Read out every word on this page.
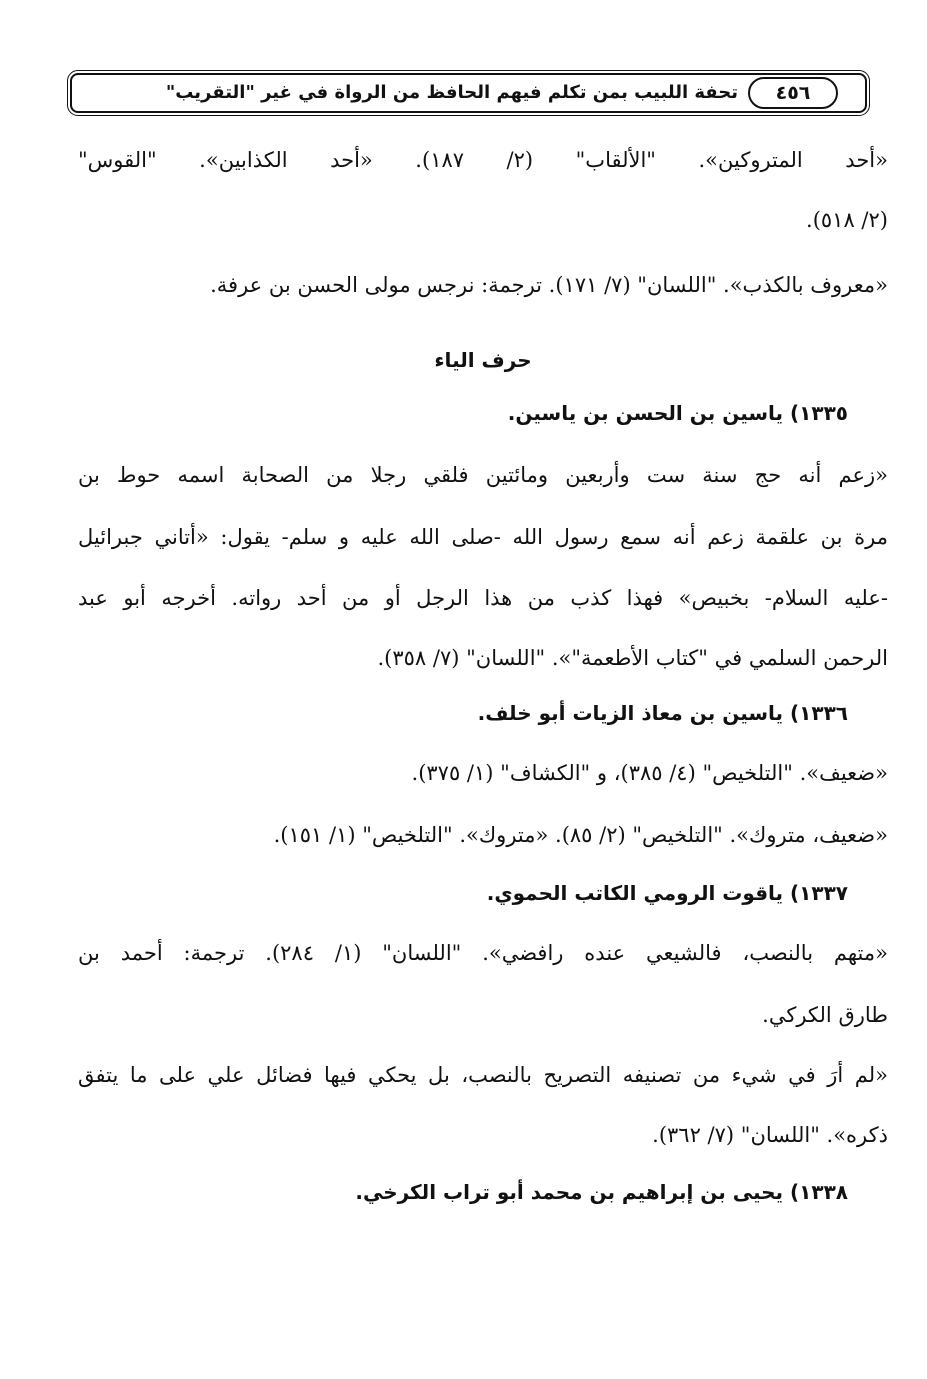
تحفة اللبيب بمن تكلم فيهم الحافظ من الرواة في غير "التقريب"	٤٥٦
«أحد المتروكين». "الألقاب" (٢/ ١٨٧). «أحد الكذابين». "القوس"
(٢/ ٥١٨).
«معروف بالكذب». "اللسان" (٧/ ١٧١). ترجمة: نرجس مولى الحسن بن عرفة.
حرف الياء
١٣٣٥) ياسين بن الحسن بن ياسين.
«زعم أنه حج سنة ست وأربعين ومائتين فلقي رجلا من الصحابة اسمه حوط بن
مرة بن علقمة زعم أنه سمع رسول الله -صلى الله عليه و سلم- يقول: «أتاني جبرائيل
-عليه السلام- بخبيص» فهذا كذب من هذا الرجل أو من أحد رواته. أخرجه أبو عبد
الرحمن السلمي في "كتاب الأطعمة"». "اللسان" (٧/ ٣٥٨).
١٣٣٦) ياسين بن معاذ الزيات أبو خلف.
«ضعيف». "التلخيص" (٤/ ٣٨٥)، و "الكشاف" (١/ ٣٧٥).
«ضعيف، متروك». "التلخيص" (٢/ ٨٥). «متروك». "التلخيص" (١/ ١٥١).
١٣٣٧) ياقوت الرومي الكاتب الحموي.
«متهم بالنصب، فالشيعي عنده رافضي». "اللسان" (١/ ٢٨٤). ترجمة: أحمد بن
طارق الكركي.
«لم أرَ في شيء من تصنيفه التصريح بالنصب، بل يحكي فيها فضائل علي على ما يتفق
ذكره». "اللسان" (٧/ ٣٦٢).
١٣٣٨) يحيى بن إبراهيم بن محمد أبو تراب الكرخي.
